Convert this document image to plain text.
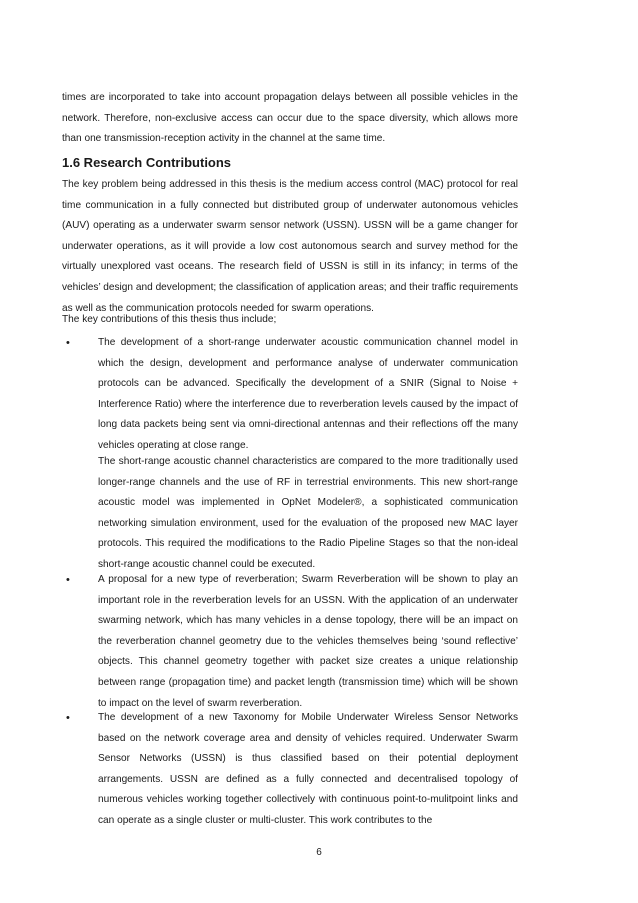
times are incorporated to take into account propagation delays between all possible vehicles in the network. Therefore, non-exclusive access can occur due to the space diversity, which allows more than one transmission-reception activity in the channel at the same time.

1.6 Research Contributions

The key problem being addressed in this thesis is the medium access control (MAC) protocol for real time communication in a fully connected but distributed group of underwater autonomous vehicles (AUV) operating as a underwater swarm sensor network (USSN). USSN will be a game changer for underwater operations, as it will provide a low cost autonomous search and survey method for the virtually unexplored vast oceans. The research field of USSN is still in its infancy; in terms of the vehicles’ design and development; the classification of application areas; and their traffic requirements as well as the communication protocols needed for swarm operations.

The key contributions of this thesis thus include;

•	The development of a short-range underwater acoustic communication channel model in which the design, development and performance analyse of underwater communication protocols can be advanced. Specifically the development of a SNIR (Signal to Noise + Interference Ratio) where the interference due to reverberation levels caused by the impact of long data packets being sent via omni-directional antennas and their reflections off the many vehicles operating at close range.

The short-range acoustic channel characteristics are compared to the more traditionally used longer-range channels and the use of RF in terrestrial environments. This new short-range acoustic model was implemented in OpNet Modeler®, a sophisticated communication networking simulation environment, used for the evaluation of the proposed new MAC layer protocols. This required the modifications to the Radio Pipeline Stages so that the non-ideal short-range acoustic channel could be executed.

•	A proposal for a new type of reverberation; Swarm Reverberation will be shown to play an important role in the reverberation levels for an USSN. With the application of an underwater swarming network, which has many vehicles in a dense topology, there will be an impact on the reverberation channel geometry due to the vehicles themselves being ‘sound reflective’ objects. This channel geometry together with packet size creates a unique relationship between range (propagation time) and packet length (transmission time) which will be shown to impact on the level of swarm reverberation.

•	The development of a new Taxonomy for Mobile Underwater Wireless Sensor Networks based on the network coverage area and density of vehicles required. Underwater Swarm Sensor Networks (USSN) is thus classified based on their potential deployment arrangements. USSN are defined as a fully connected and decentralised topology of numerous vehicles working together collectively with continuous point-to-mulitpoint links and can operate as a single cluster or multi-cluster. This work contributes to the

6
